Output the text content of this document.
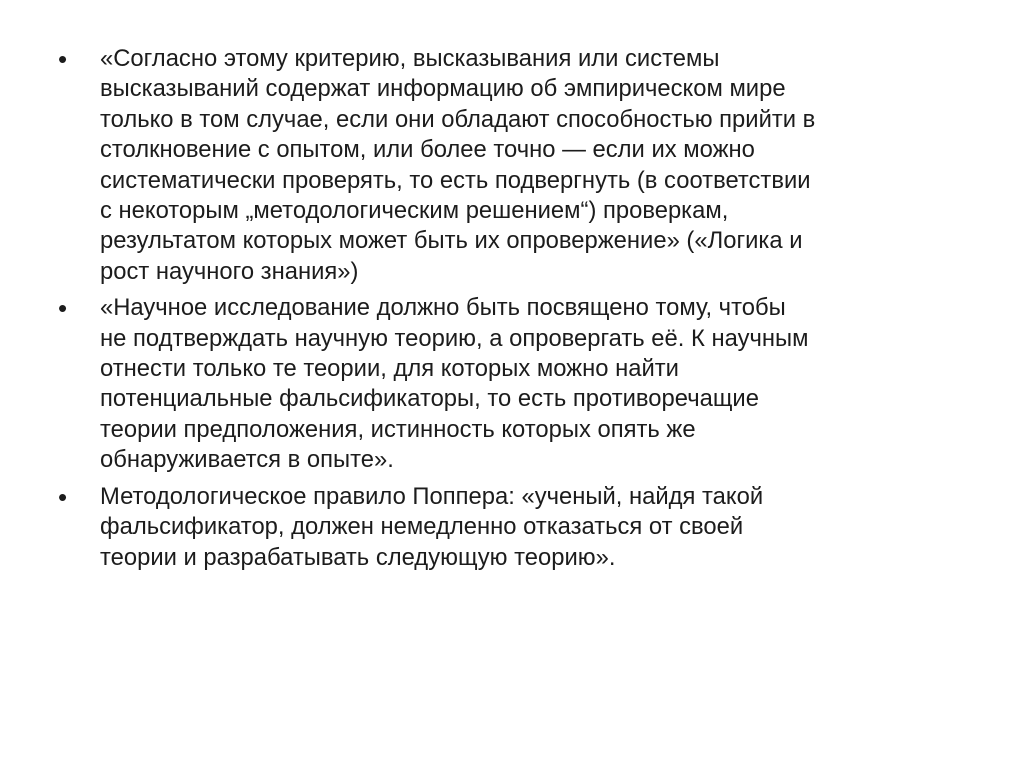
•	«Согласно этому критерию, высказывания или системы
высказываний содержат информацию об эмпирическом мире
только в том случае, если они обладают способностью прийти в
столкновение с опытом, или более точно — если их можно
систематически проверять, то есть подвергнуть (в соответствии
с некоторым „методологическим решением“) проверкам,
результатом которых может быть их опровержение» («Логика и
рост научного знания»)
•	«Научное исследование должно быть посвящено тому, чтобы
не подтверждать научную теорию, а опровергать её. К научным
отнести только те теории, для которых можно найти
потенциальные фальсификаторы, то есть противоречащие
теории предположения, истинность которых опять же
обнаруживается в опыте».
•	Методологическое правило Поппера: «ученый, найдя такой
фальсификатор, должен немедленно отказаться от своей
теории и разрабатывать следующую теорию».
